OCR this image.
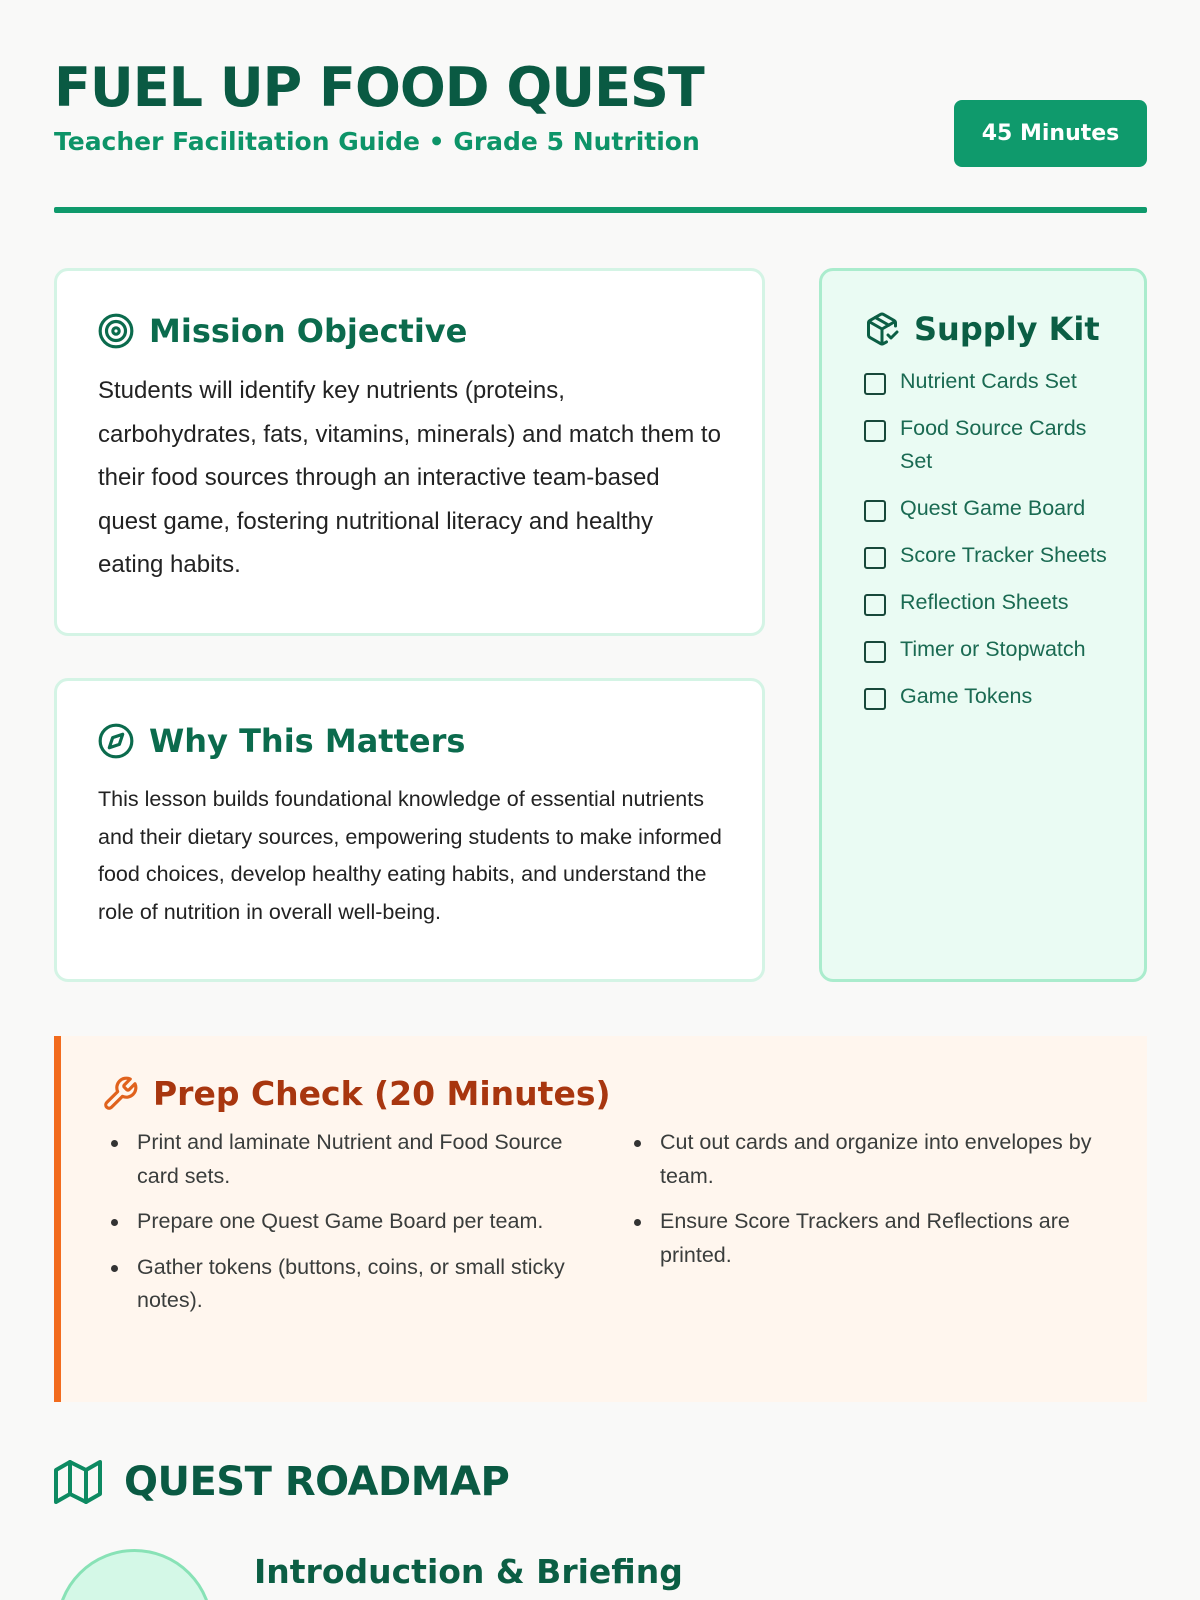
FUEL UP FOOD QUEST
Teacher Facilitation Guide • Grade 5 Nutrition	45 Minutes
Mission Objective

Students will identify key nutrients (proteins, carbohydrates, fats, vitamins, minerals) and match them to their food sources through an interactive team-based quest game, fostering nutritional literacy and healthy eating habits.

Why This Matters

This lesson builds foundational knowledge of essential nutrients and their dietary sources, empowering students to make informed food choices, develop healthy eating habits, and understand the role of nutrition in overall well-being.

Supply Kit
Nutrient Cards Set
Food Source Cards Set
Quest Game Board
Score Tracker Sheets
Reflection Sheets
Timer or Stopwatch
Game Tokens
Prep Check (20 Minutes)
Print and laminate Nutrient and Food Source card sets.
Prepare one Quest Game Board per team.
Gather tokens (buttons, coins, or small sticky notes).
Cut out cards and organize into envelopes by team.
Ensure Score Trackers and Reflections are printed.
QUEST ROADMAP
Introduction & Briefing
